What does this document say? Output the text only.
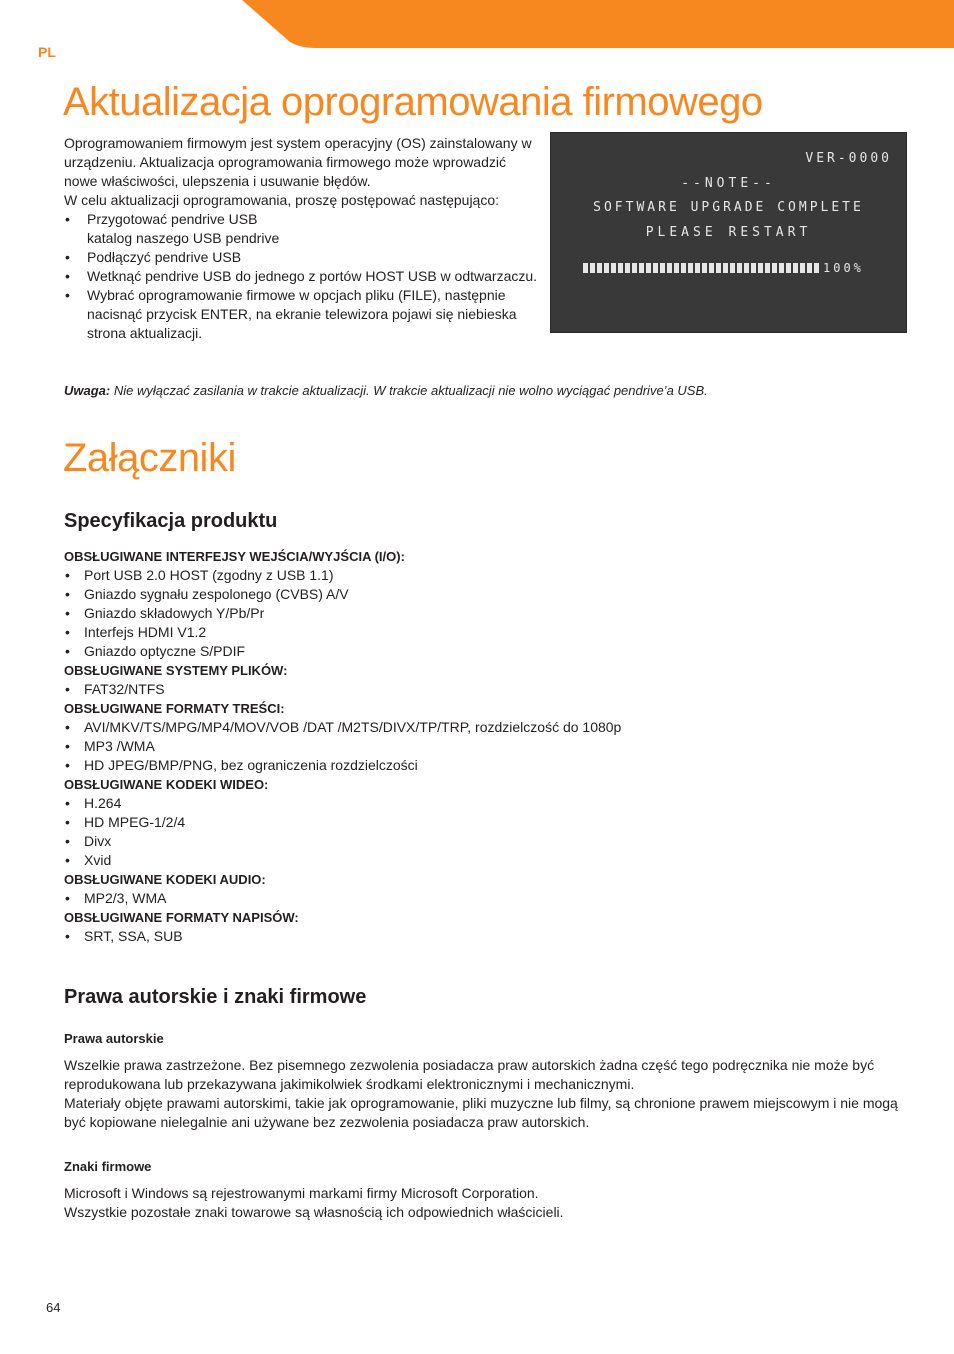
PL
Aktualizacja oprogramowania firmowego

Oprogramowaniem firmowym jest system operacyjny (OS) zainstalowany w urządzeniu. Aktualizacja oprogramowania firmowego może wprowadzić nowe właściwości, ulepszenia i usuwanie błędów.

W celu aktualizacji oprogramowania, proszę postępować następująco:

• Przygotować pendrive USB
katalog naszego USB pendrive
• Podłączyć pendrive USB
• Wetknąć pendrive USB do jednego z portów HOST USB w odtwarzaczu.
• Wybrać oprogramowanie firmowe w opcjach pliku (FILE), następnie nacisnąć przycisk ENTER, na ekranie telewizora pojawi się niebieska strona aktualizacji.
VER-0000
--NOTE--
SOFTWARE UPGRADE COMPLETE
PLEASE RESTART
100%
Uwaga: Nie wyłączać zasilania w trakcie aktualizacji. W trakcie aktualizacji nie wolno wyciągać pendrive’a USB.
Załączniki
Specyfikacja produktu
OBSŁUGIWANE INTERFEJSY WEJŚCIA/WYJŚCIA (I/O):
• Port USB 2.0 HOST (zgodny z USB 1.1)
• Gniazdo sygnału zespolonego (CVBS) A/V
• Gniazdo składowych Y/Pb/Pr
• Interfejs HDMI V1.2
• Gniazdo optyczne S/PDIF
OBSŁUGIWANE SYSTEMY PLIKÓW:
• FAT32/NTFS
OBSŁUGIWANE FORMATY TREŚCI:
• AVI/MKV/TS/MPG/MP4/MOV/VOB /DAT /M2TS/DIVX/TP/TRP, rozdzielczość do 1080p
• MP3 /WMA
• HD JPEG/BMP/PNG, bez ograniczenia rozdzielczości
OBSŁUGIWANE KODEKI WIDEO:
• H.264
• HD MPEG-1/2/4
• Divx
• Xvid
OBSŁUGIWANE KODEKI AUDIO:
• MP2/3, WMA
OBSŁUGIWANE FORMATY NAPISÓW:
• SRT, SSA, SUB
Prawa autorskie i znaki firmowe

Prawa autorskie

Wszelkie prawa zastrzeżone. Bez pisemnego zezwolenia posiadacza praw autorskich żadna część tego podręcznika nie może być reprodukowana lub przekazywana jakimikolwiek środkami elektronicznymi i mechanicznymi.

Materiały objęte prawami autorskimi, takie jak oprogramowanie, pliki muzyczne lub filmy, są chronione prawem miejscowym i nie mogą być kopiowane nielegalnie ani używane bez zezwolenia posiadacza praw autorskich.

Znaki firmowe

Microsoft i Windows są rejestrowanymi markami firmy Microsoft Corporation.

Wszystkie pozostałe znaki towarowe są własnością ich odpowiednich właścicieli.

64
